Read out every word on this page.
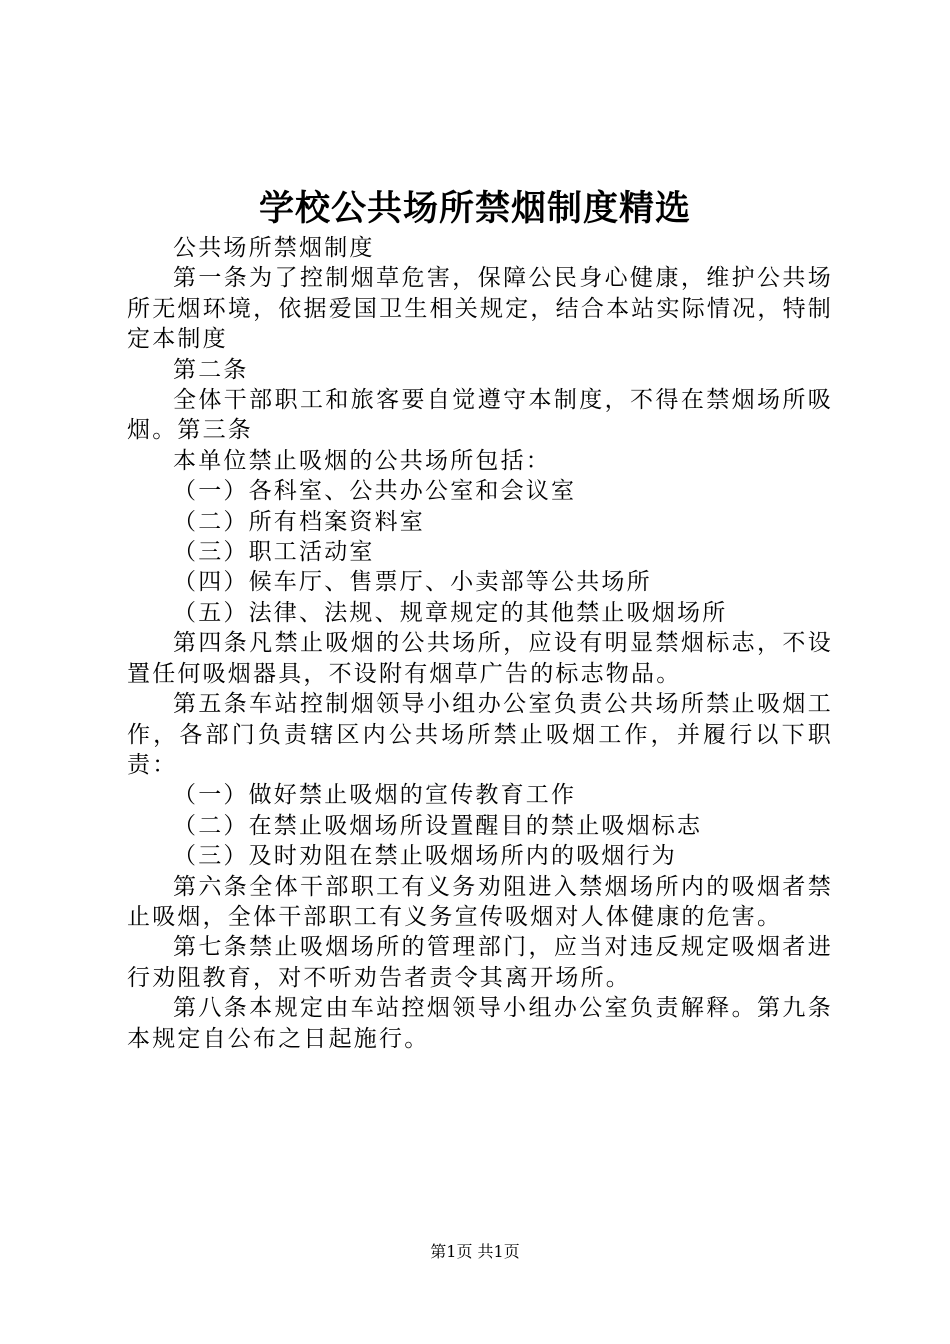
学校公共场所禁烟制度精选

公共场所禁烟制度

第一条为了控制烟草危害，保障公民身心健康，维护公共场所无烟环境，依据爱国卫生相关规定，结合本站实际情况，特制定本制度

第二条

全体干部职工和旅客要自觉遵守本制度，不得在禁烟场所吸烟。第三条

本单位禁止吸烟的公共场所包括：

（一）各科室、公共办公室和会议室

（二）所有档案资料室

（三）职工活动室

（四）候车厅、售票厅、小卖部等公共场所

（五）法律、法规、规章规定的其他禁止吸烟场所

第四条凡禁止吸烟的公共场所，应设有明显禁烟标志，不设置任何吸烟器具，不设附有烟草广告的标志物品。

第五条车站控制烟领导小组办公室负责公共场所禁止吸烟工作，各部门负责辖区内公共场所禁止吸烟工作，并履行以下职责：

（一）做好禁止吸烟的宣传教育工作

（二）在禁止吸烟场所设置醒目的禁止吸烟标志

（三）及时劝阻在禁止吸烟场所内的吸烟行为

第六条全体干部职工有义务劝阻进入禁烟场所内的吸烟者禁止吸烟，全体干部职工有义务宣传吸烟对人体健康的危害。

第七条禁止吸烟场所的管理部门，应当对违反规定吸烟者进行劝阻教育，对不听劝告者责令其离开场所。

第八条本规定由车站控烟领导小组办公室负责解释。第九条本规定自公布之日起施行。

第1页 共1页
